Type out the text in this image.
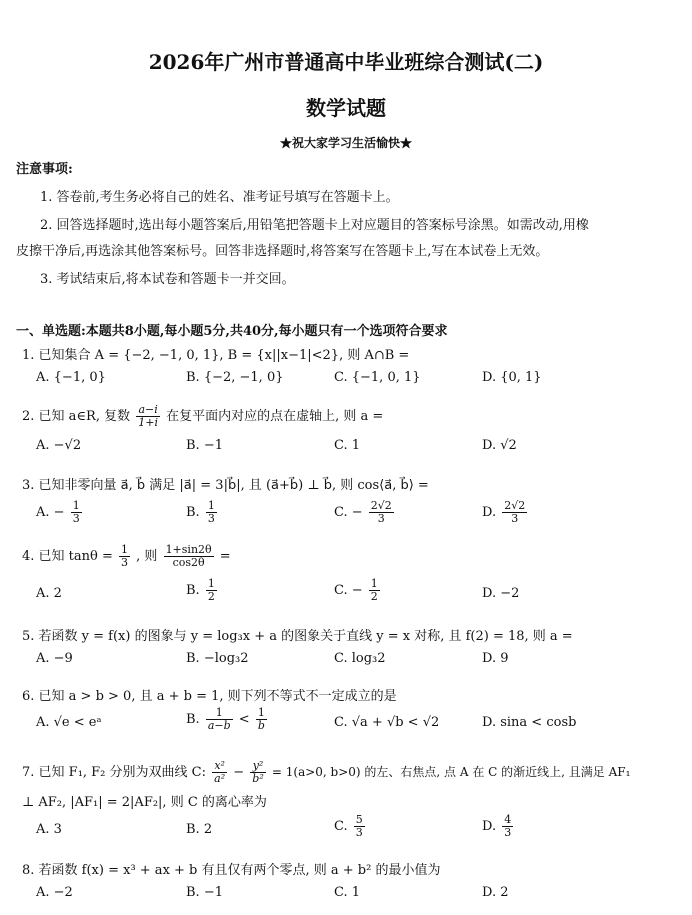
2026年广州市普通高中毕业班综合测试(二)
数学试题
★祝大家学习生活愉快★
注意事项:
1. 答卷前,考生务必将自己的姓名、准考证号填写在答题卡上。
2. 回答选择题时,选出每小题答案后,用铅笔把答题卡上对应题目的答案标号涂黑。如需改动,用橡
皮擦干净后,再选涂其他答案标号。回答非选择题时,将答案写在答题卡上,写在本试卷上无效。
3. 考试结束后,将本试卷和答题卡一并交回。
一、单选题:本题共8小题,每小题5分,共40分,每小题只有一个选项符合要求
1. 已知集合 A = {−2, −1, 0, 1}, B = {x||x−1|<2}, 则 A∩B =
A. {−1, 0}	B. {−2, −1, 0}	C. {−1, 0, 1}	D. {0, 1}
2. 已知 a∈R, 复数 $\frac{a-i}{1+i}$ 在复平面内对应的点在虚轴上, 则 a =
A. −√2	B. −1	C. 1	D. √2
3. 已知非零向量 a⃗, b⃗ 满足 |a⃗| = 3|b⃗|, 且 (a⃗+b⃗) ⊥ b⃗, 则 cos⟨a⃗, b⃗⟩ =
A. − $\frac{1}{3}$	B. $\frac{1}{3}$	C. − $\frac{2√2}{3}$	D. $\frac{2√2}{3}$
4. 已知 $\tan\theta = \frac{1}{3}$ , 则 $\frac{1+\sin 2\theta}{\cos 2\theta}$ =
A. 2	B. $\frac{1}{2}$	C. − $\frac{1}{2}$	D. −2
5. 若函数 y = f(x) 的图象与 y = log₃x + a 的图象关于直线 y = x 对称, 且 f(2) = 18, 则 a =
A. −9	B. −log₃2	C. log₃2	D. 9
6. 已知 a > b > 0, 且 a + b = 1, 则下列不等式不一定成立的是
A. √e < eᵃ	B. $\frac{1}{a-b} < \frac{1}{b}$	C. √a + √b < √2	D. sina < cosb
7. 已知 F₁, F₂ 分别为双曲线 C: $\frac{\text{x²}}{\text{a²}} - \frac{\text{y²}}{\text{b²}} = 1(a>0$, b>0) 的左、右焦点, 点 A 在 C 的渐近线上, 且满足 AF₁
⊥ AF₂, |AF₁| = 2|AF₂|, 则 C 的离心率为
A. 3	B. 2	C. $\frac{5}{3}$	D. $\frac{4}{3}$
8. 若函数 f(x) = x³ + ax + b 有且仅有两个零点, 则 a + b² 的最小值为
A. −2	B. −1	C. 1	D. 2
